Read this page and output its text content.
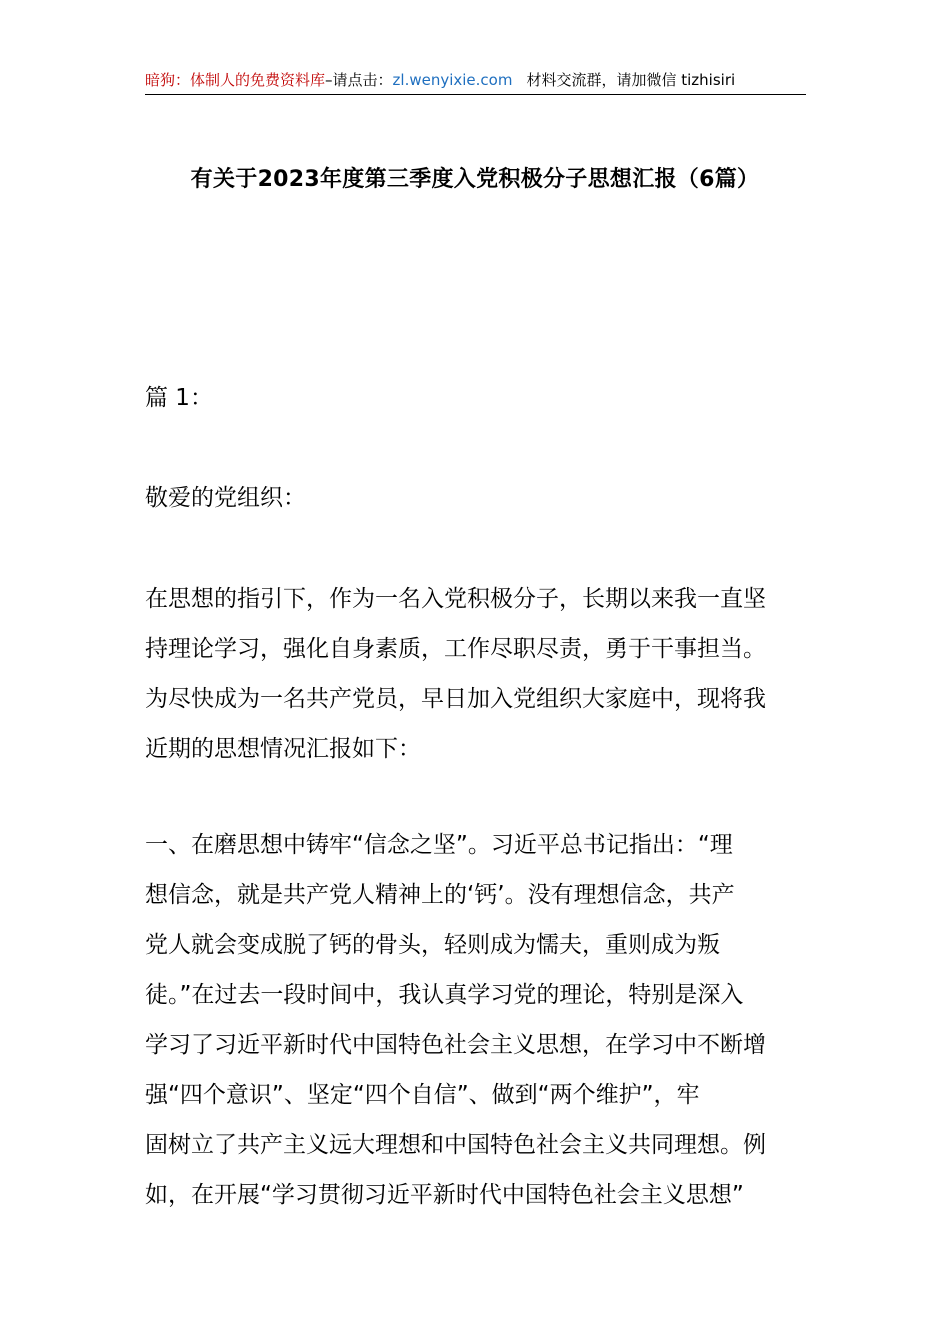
暗狗：体制人的免费资料库–请点击：zl.wenyixie.com 材料交流群，请加微信 tizhisiri
有关于2023年度第三季度入党积极分子思想汇报（6篇）
篇 1：
敬爱的党组织：
在思想的指引下，作为一名入党积极分子，长期以来我一直坚
持理论学习，强化自身素质，工作尽职尽责，勇于干事担当。
为尽快成为一名共产党员，早日加入党组织大家庭中，现将我
近期的思想情况汇报如下：
一、在磨思想中铸牢“信念之坚”。习近平总书记指出：“理
想信念，就是共产党人精神上的‘钙’。没有理想信念，共产
党人就会变成脱了钙的骨头，轻则成为懦夫，重则成为叛
徒。”在过去一段时间中，我认真学习党的理论，特别是深入
学习了习近平新时代中国特色社会主义思想，在学习中不断增
强“四个意识”、坚定“四个自信”、做到“两个维护”，牢
固树立了共产主义远大理想和中国特色社会主义共同理想。例
如，在开展“学习贯彻习近平新时代中国特色社会主义思想”
